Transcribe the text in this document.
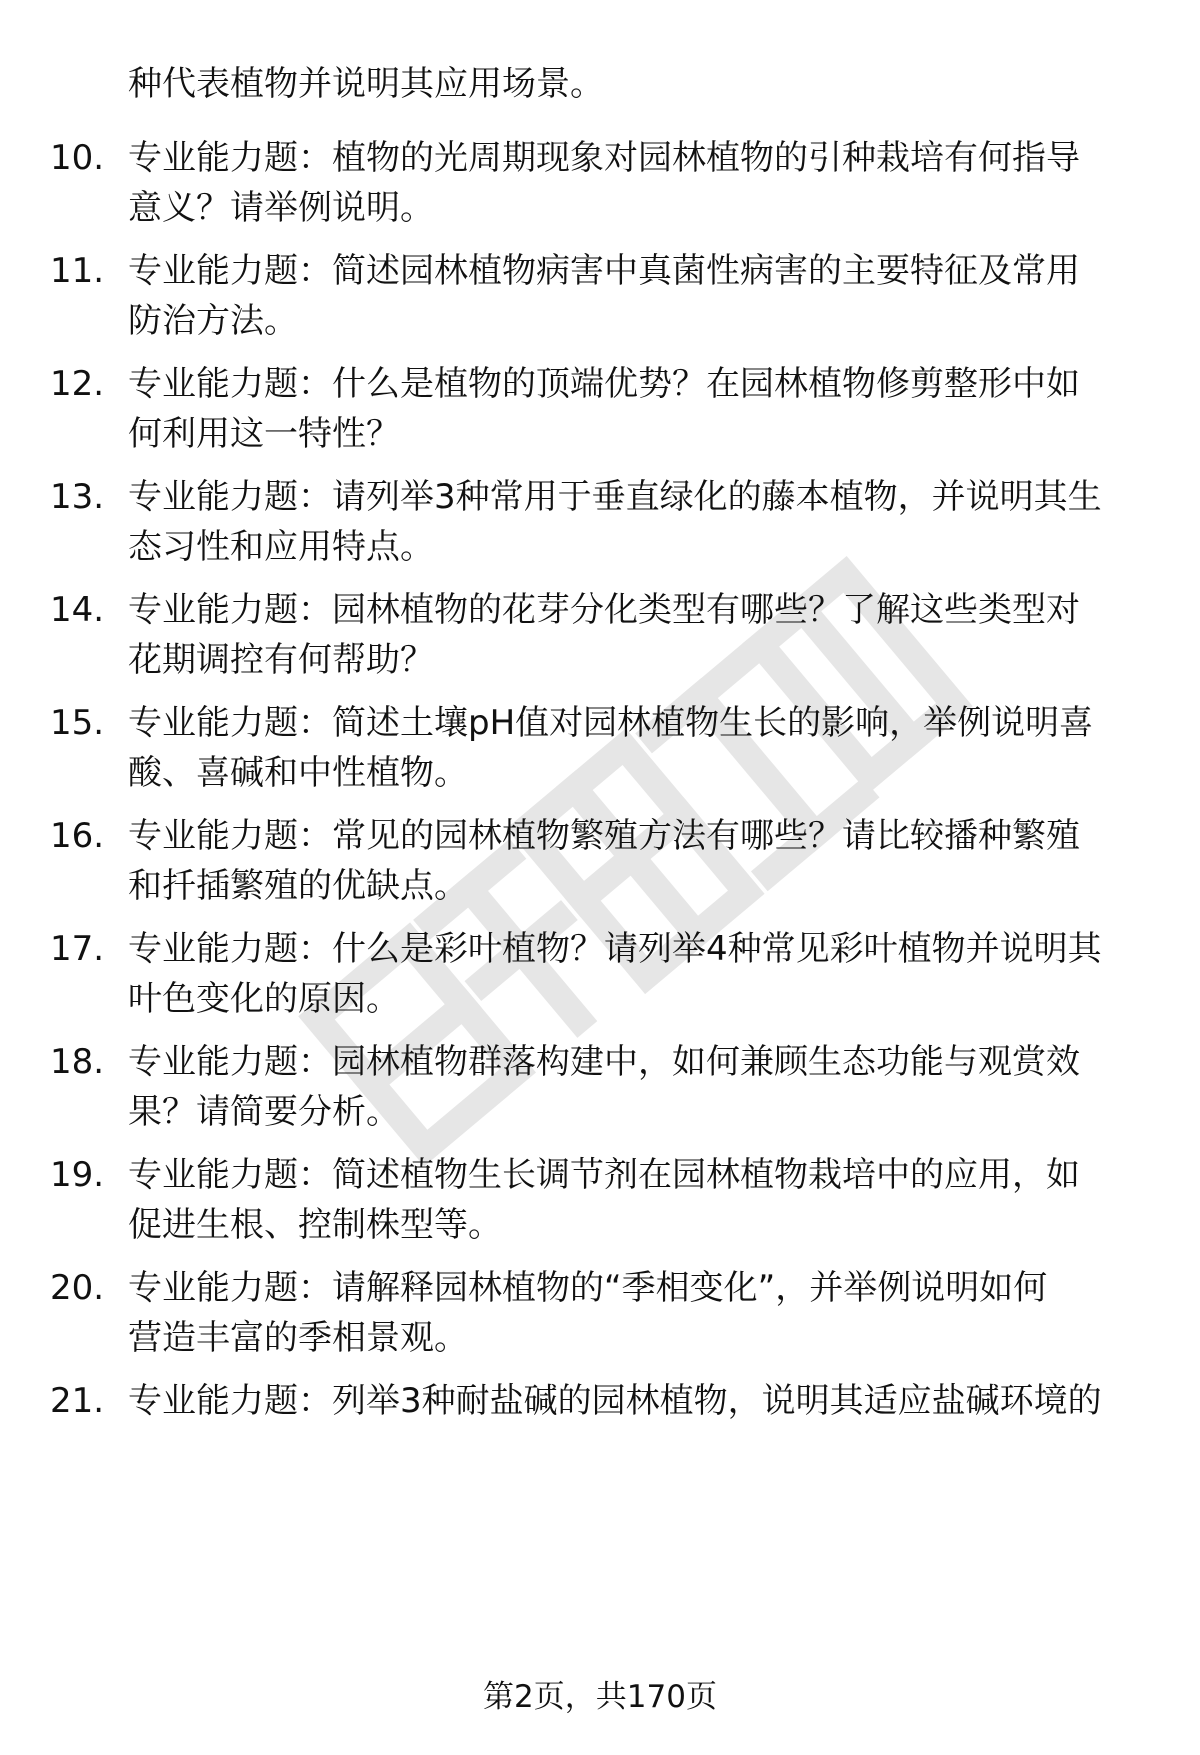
种代表植物并说明其应用场景。
10. 专业能力题：植物的光周期现象对园林植物的引种栽培有何指导
意义？请举例说明。
11. 专业能力题：简述园林植物病害中真菌性病害的主要特征及常用
防治方法。
12. 专业能力题：什么是植物的顶端优势？在园林植物修剪整形中如
何利用这一特性？
13. 专业能力题：请列举3种常用于垂直绿化的藤本植物，并说明其生
态习性和应用特点。
14. 专业能力题：园林植物的花芽分化类型有哪些？了解这些类型对
花期调控有何帮助？
15. 专业能力题：简述土壤pH值对园林植物生长的影响，举例说明喜
酸、喜碱和中性植物。
16. 专业能力题：常见的园林植物繁殖方法有哪些？请比较播种繁殖
和扦插繁殖的优缺点。
17. 专业能力题：什么是彩叶植物？请列举4种常见彩叶植物并说明其
叶色变化的原因。
18. 专业能力题：园林植物群落构建中，如何兼顾生态功能与观赏效
果？请简要分析。
19. 专业能力题：简述植物生长调节剂在园林植物栽培中的应用，如
促进生根、控制株型等。
20. 专业能力题：请解释园林植物的“季相变化”，并举例说明如何
营造丰富的季相景观。
21. 专业能力题：列举3种耐盐碱的园林植物，说明其适应盐碱环境的
第2页，共170页
